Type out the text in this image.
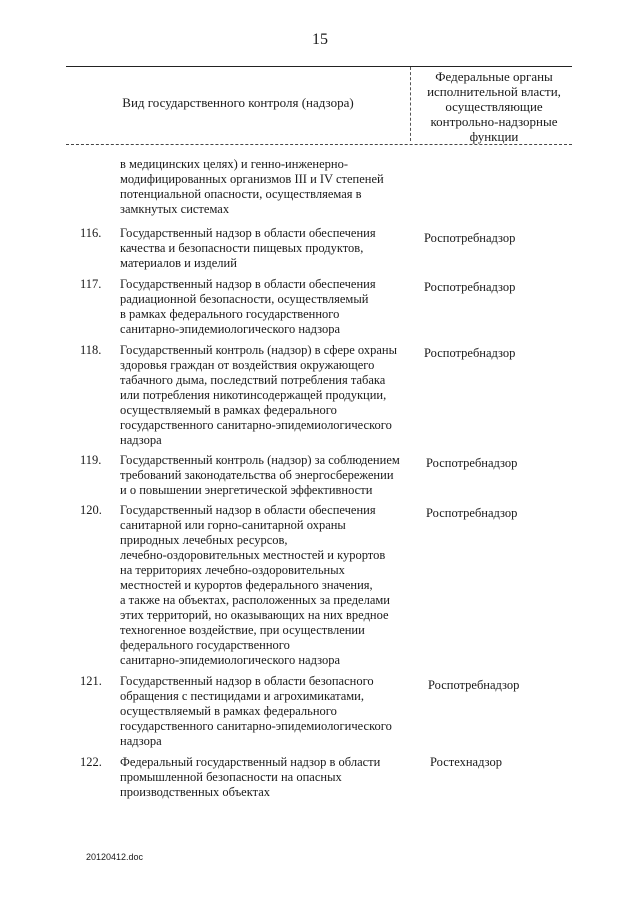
15
Вид государственного контроля (надзора)
Федеральные органы
исполнительной власти,
осуществляющие
контрольно-надзорные
функции
в медицинских целях) и генно-инженерно-
модифицированных организмов III и IV степеней
потенциальной опасности, осуществляемая в
замкнутых системах
116.	Государственный надзор в области обеспечения
качества и безопасности пищевых продуктов,
материалов и изделий
Роспотребнадзор
117.	Государственный надзор в области обеспечения
радиационной безопасности, осуществляемый
в рамках федерального государственного
санитарно-эпидемиологического надзора
Роспотребнадзор
118.	Государственный контроль (надзор) в сфере охраны
здоровья граждан от воздействия окружающего
табачного дыма, последствий потребления табака
или потребления никотинсодержащей продукции,
осуществляемый в рамках федерального
государственного санитарно-эпидемиологического
надзора
Роспотребнадзор
119.	Государственный контроль (надзор) за соблюдением
требований законодательства об энергосбережении
и о повышении энергетической эффективности
Роспотребнадзор
120.	Государственный надзор в области обеспечения
санитарной или горно-санитарной охраны
природных лечебных ресурсов,
лечебно-оздоровительных местностей и курортов
на территориях лечебно-оздоровительных
местностей и курортов федерального значения,
а также на объектах, расположенных за пределами
этих территорий, но оказывающих на них вредное
техногенное воздействие, при осуществлении
федерального государственного
санитарно-эпидемиологического надзора
Роспотребнадзор
121.	Государственный надзор в области безопасного
обращения с пестицидами и агрохимикатами,
осуществляемый в рамках федерального
государственного санитарно-эпидемиологического
надзора
Роспотребнадзор
122.	Федеральный государственный надзор в области
промышленной безопасности на опасных
производственных объектах
Ростехнадзор
20120412.doc
